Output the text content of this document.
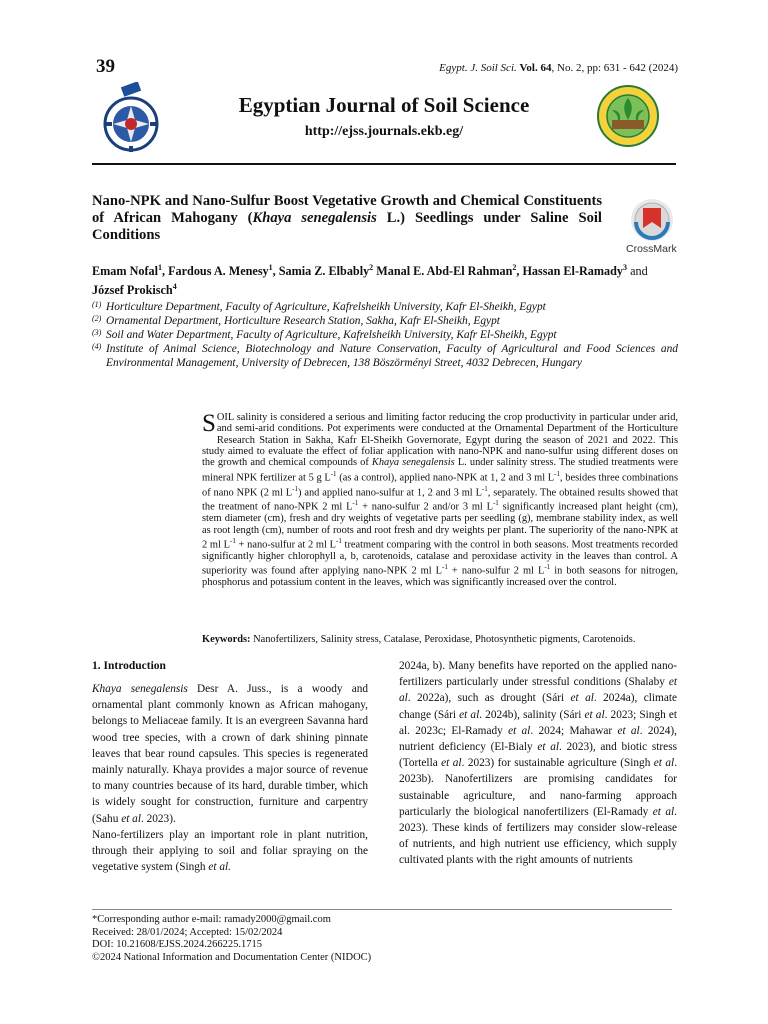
39	Egypt. J. Soil Sci. Vol. 64, No. 2, pp: 631 - 642 (2024)
Egyptian Journal of Soil Science
http://ejss.journals.ekb.eg/
Nano-NPK and Nano-Sulfur Boost Vegetative Growth and Chemical Constituents of African Mahogany (Khaya senegalensis L.) Seedlings under Saline Soil Conditions
CrossMark
Emam Nofal$^1$, Fardous A. Menesy$^1$, Samia Z. Elbably$^2$ Manal E. Abd-El Rahman$^2$, Hassan El-Ramady$^3$ and József Prokisch$^4$
(1) Horticulture Department, Faculty of Agriculture, Kafrelsheikh University, Kafr El-Sheikh, Egypt
(2) Ornamental Department, Horticulture Research Station, Sakha, Kafr El-Sheikh, Egypt
(3) Soil and Water Department, Faculty of Agriculture, Kafrelsheikh University, Kafr El-Sheikh, Egypt
(4) Institute of Animal Science, Biotechnology and Nature Conservation, Faculty of Agricultural and Food Sciences and Environmental Management, University of Debrecen, 138 Böszörményi Street, 4032 Debrecen, Hungary
SOIL salinity is considered a serious and limiting factor reducing the crop productivity in particular under arid, and semi-arid conditions. Pot experiments were conducted at the Ornamental Department of the Horticulture Research Station in Sakha, Kafr El-Sheikh Governorate, Egypt during the season of 2021 and 2022. This study aimed to evaluate the effect of foliar application with nano-NPK and nano-sulfur using different doses on the growth and chemical compounds of Khaya senegalensis L. under salinity stress. The studied treatments were mineral NPK fertilizer at 5 g $L^{-1}$ (as a control), applied nano-NPK at 1, 2 and 3 ml $L^{-1}$, besides three combinations of nano NPK (2 ml $L^{-1}$) and applied nano-sulfur at 1, 2 and 3 ml $L^{-1}$, separately. The obtained results showed that the treatment of nano-NPK 2 ml $L^{-1}$ + nano-sulfur 2 and/or 3 ml $L^{-1}$ significantly increased plant height (cm), stem diameter (cm), fresh and dry weights of vegetative parts per seedling (g), membrane stability index, as well as root length (cm), number of roots and root fresh and dry weights per plant. The superiority of the nano-NPK at 2 ml $L^{-1}$ + nano-sulfur at 2 ml $L^{-1}$ treatment comparing with the control in both seasons. Most treatments recorded significantly higher chlorophyll a, b, carotenoids, catalase and peroxidase activity in the leaves than control. A superiority was found after applying nano-NPK 2 ml $L^{-1}$ + nano-sulfur 2 ml $L^{-1}$ in both seasons for nitrogen, phosphorus and potassium content in the leaves, which was significantly increased over the control.
Keywords: Nanofertilizers, Salinity stress, Catalase, Peroxidase, Photosynthetic pigments, Carotenoids.
1. Introduction

Khaya senegalensis Desr A. Juss., is a woody and ornamental plant commonly known as African mahogany, belongs to Meliaceae family. It is an evergreen Savanna hard wood tree species, with a crown of dark shining pinnate leaves that bear round capsules. This species is regenerated mainly naturally. Khaya provides a major source of revenue to many countries because of its hard, durable timber, which is widely sought for construction, furniture and carpentry (Sahu et al. 2023).

Nano-fertilizers play an important role in plant nutrition, through their applying to soil and foliar spraying on the vegetative system (Singh et al.

2024a, b). Many benefits have reported on the applied nano-fertilizers particularly under stressful conditions (Shalaby et al. 2022a), such as drought (Sári et al. 2024a), climate change (Sári et al. 2024b), salinity (Sári et al. 2023; Singh et al. 2023c; El-Ramady et al. 2024; Mahawar et al. 2024), nutrient deficiency (El-Bialy et al. 2023), and biotic stress (Tortella et al. 2023) for sustainable agriculture (Singh et al. 2023b). Nanofertilizers are promising candidates for sustainable agriculture, and nano-farming approach particularly the biological nanofertilizers (El-Ramady et al. 2023). These kinds of fertilizers may consider slow-release of nutrients, and high nutrient use efficiency, which supply cultivated plants with the right amounts of nutrients

*Corresponding author e-mail: ramady2000@gmail.com
Received: 28/01/2024; Accepted: 15/02/2024
DOI: 10.21608/EJSS.2024.266225.1715
©2024 National Information and Documentation Center (NIDOC)
